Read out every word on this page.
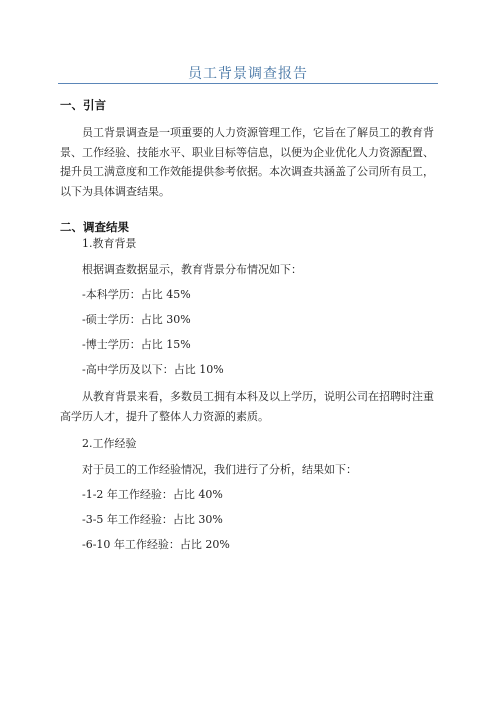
员工背景调查报告
一、引言

员工背景调查是一项重要的人力资源管理工作，它旨在了解员工的教育背景、工作经验、技能水平、职业目标等信息，以便为企业优化人力资源配置、提升员工满意度和工作效能提供参考依据。本次调查共涵盖了公司所有员工，以下为具体调查结果。

二、调查结果
1.教育背景
根据调查数据显示，教育背景分布情况如下：
-本科学历：占比 45%
-硕士学历：占比 30%
-博士学历：占比 15%
-高中学历及以下：占比 10%

从教育背景来看，多数员工拥有本科及以上学历，说明公司在招聘时注重高学历人才，提升了整体人力资源的素质。

2.工作经验
对于员工的工作经验情况，我们进行了分析，结果如下：
-1-2 年工作经验：占比 40%
-3-5 年工作经验：占比 30%
-6-10 年工作经验：占比 20%
